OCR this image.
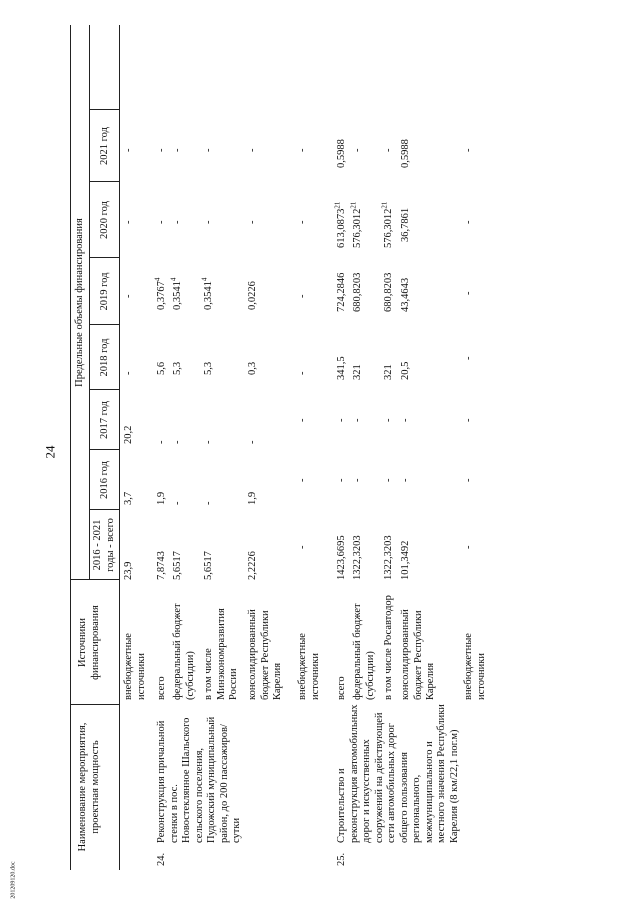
24
201209120.doc
Наименование мероприятия, проектная мощность
Источники финансирования
Предельные объемы финансирования
2016 - 2021 годы - всего
2016 год
2017 год
2018 год
2019 год
2020 год
2021 год
внебюджетные источники
23,9
3,7
20,2
-
-
-
-
24.
Реконструкция причальной стенки в пос. Новостеклянное Шальского сельского поселения, Пудожский муниципальный район, до 200 пассажиров/сутки
всего
7,8743
1,9
-
5,6
0,3767$^4$
-
-
федеральный бюджет (субсидии)
5,6517
-
-
5,3
0,3541$^4$
-
-
в том числе Минэкономразвития России
5,6517
-
-
5,3
0,3541$^4$
-
-
консолидированный бюджет Республики Карелия
2,2226
1,9
-
0,3
0,0226
-
-
внебюджетные источники
-
-
-
-
-
-
-
25.
Строительство и реконструкция автомобильных дорог и искусственных сооружений на действующей сети автомобильных дорог общего пользования регионального, межмуниципального и местного значения Республики Карелия (8 км/22,1 пог.м)
всего
1423,6695
-
-
341,5
724,2846
613,0873$^{21}$
0,5988
федеральный бюджет (субсидии)
1322,3203
-
-
321
680,8203
576,3012$^{21}$
-
в том числе Росавтодор
1322,3203
-
-
321
680,8203
576,3012$^{21}$
-
консолидированный бюджет Республики Карелия
101,3492
-
-
20,5
43,4643
36,7861
0,5988
внебюджетные источники
-
-
-
-
-
-
-
